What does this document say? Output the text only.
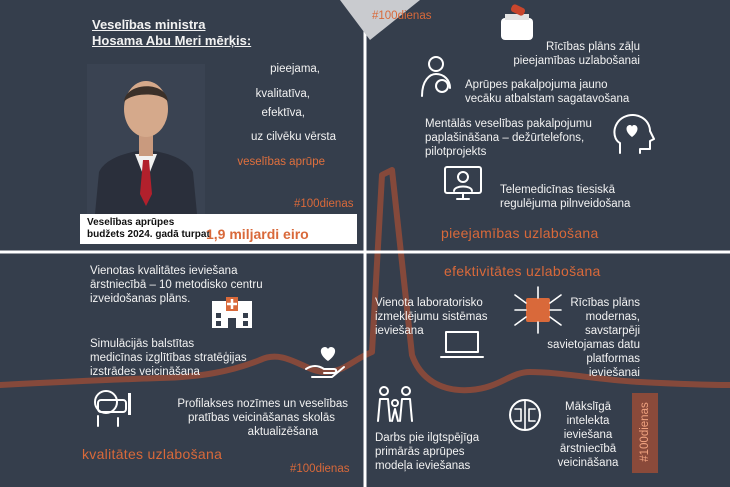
Veselības ministra
Hosama Abu Meri mērķis:
pieejama,
kvalitatīva,
efektīva,
uz cilvēku vērsta
veselības aprūpe
#100dienas
Veselības aprūpes
budžets 2024. gadā turpat
1,9 miljardi eiro
#100dienas
Rīcības plāns zāļu
pieejamības uzlabošanai
Aprūpes pakalpojuma jauno
vecāku atbalstam sagatavošana
Mentālās veselības pakalpojumu
paplašināšana – dežūrtelefons,
pilotprojekts
Telemedicīnas tiesiskā
regulējuma pilnveidošana
pieejamības uzlabošana
efektivitātes uzlabošana
Vienota laboratorisko
izmeklējumu sistēmas
ieviešana
Rīcības plāns
modernas,
savstarpēji
savietojamas datu
platformas
ieviešanai
Darbs pie ilgtspējīga
primārās aprūpes
modeļa ieviešanas
Mākslīgā
intelekta
ieviešana
ārstniecībā
veicināšana
#100dienas
Vienotas kvalitātes ieviešana
ārstniecībā – 10 metodisko centru
izveidošanas plāns.
Simulācijās balstītas
medicīnas izglītības stratēģijas
izstrādes veicināšana
Profilakses nozīmes un veselības
pratības veicināšanas skolās
aktualizēšana
kvalitātes uzlabošana
#100dienas
